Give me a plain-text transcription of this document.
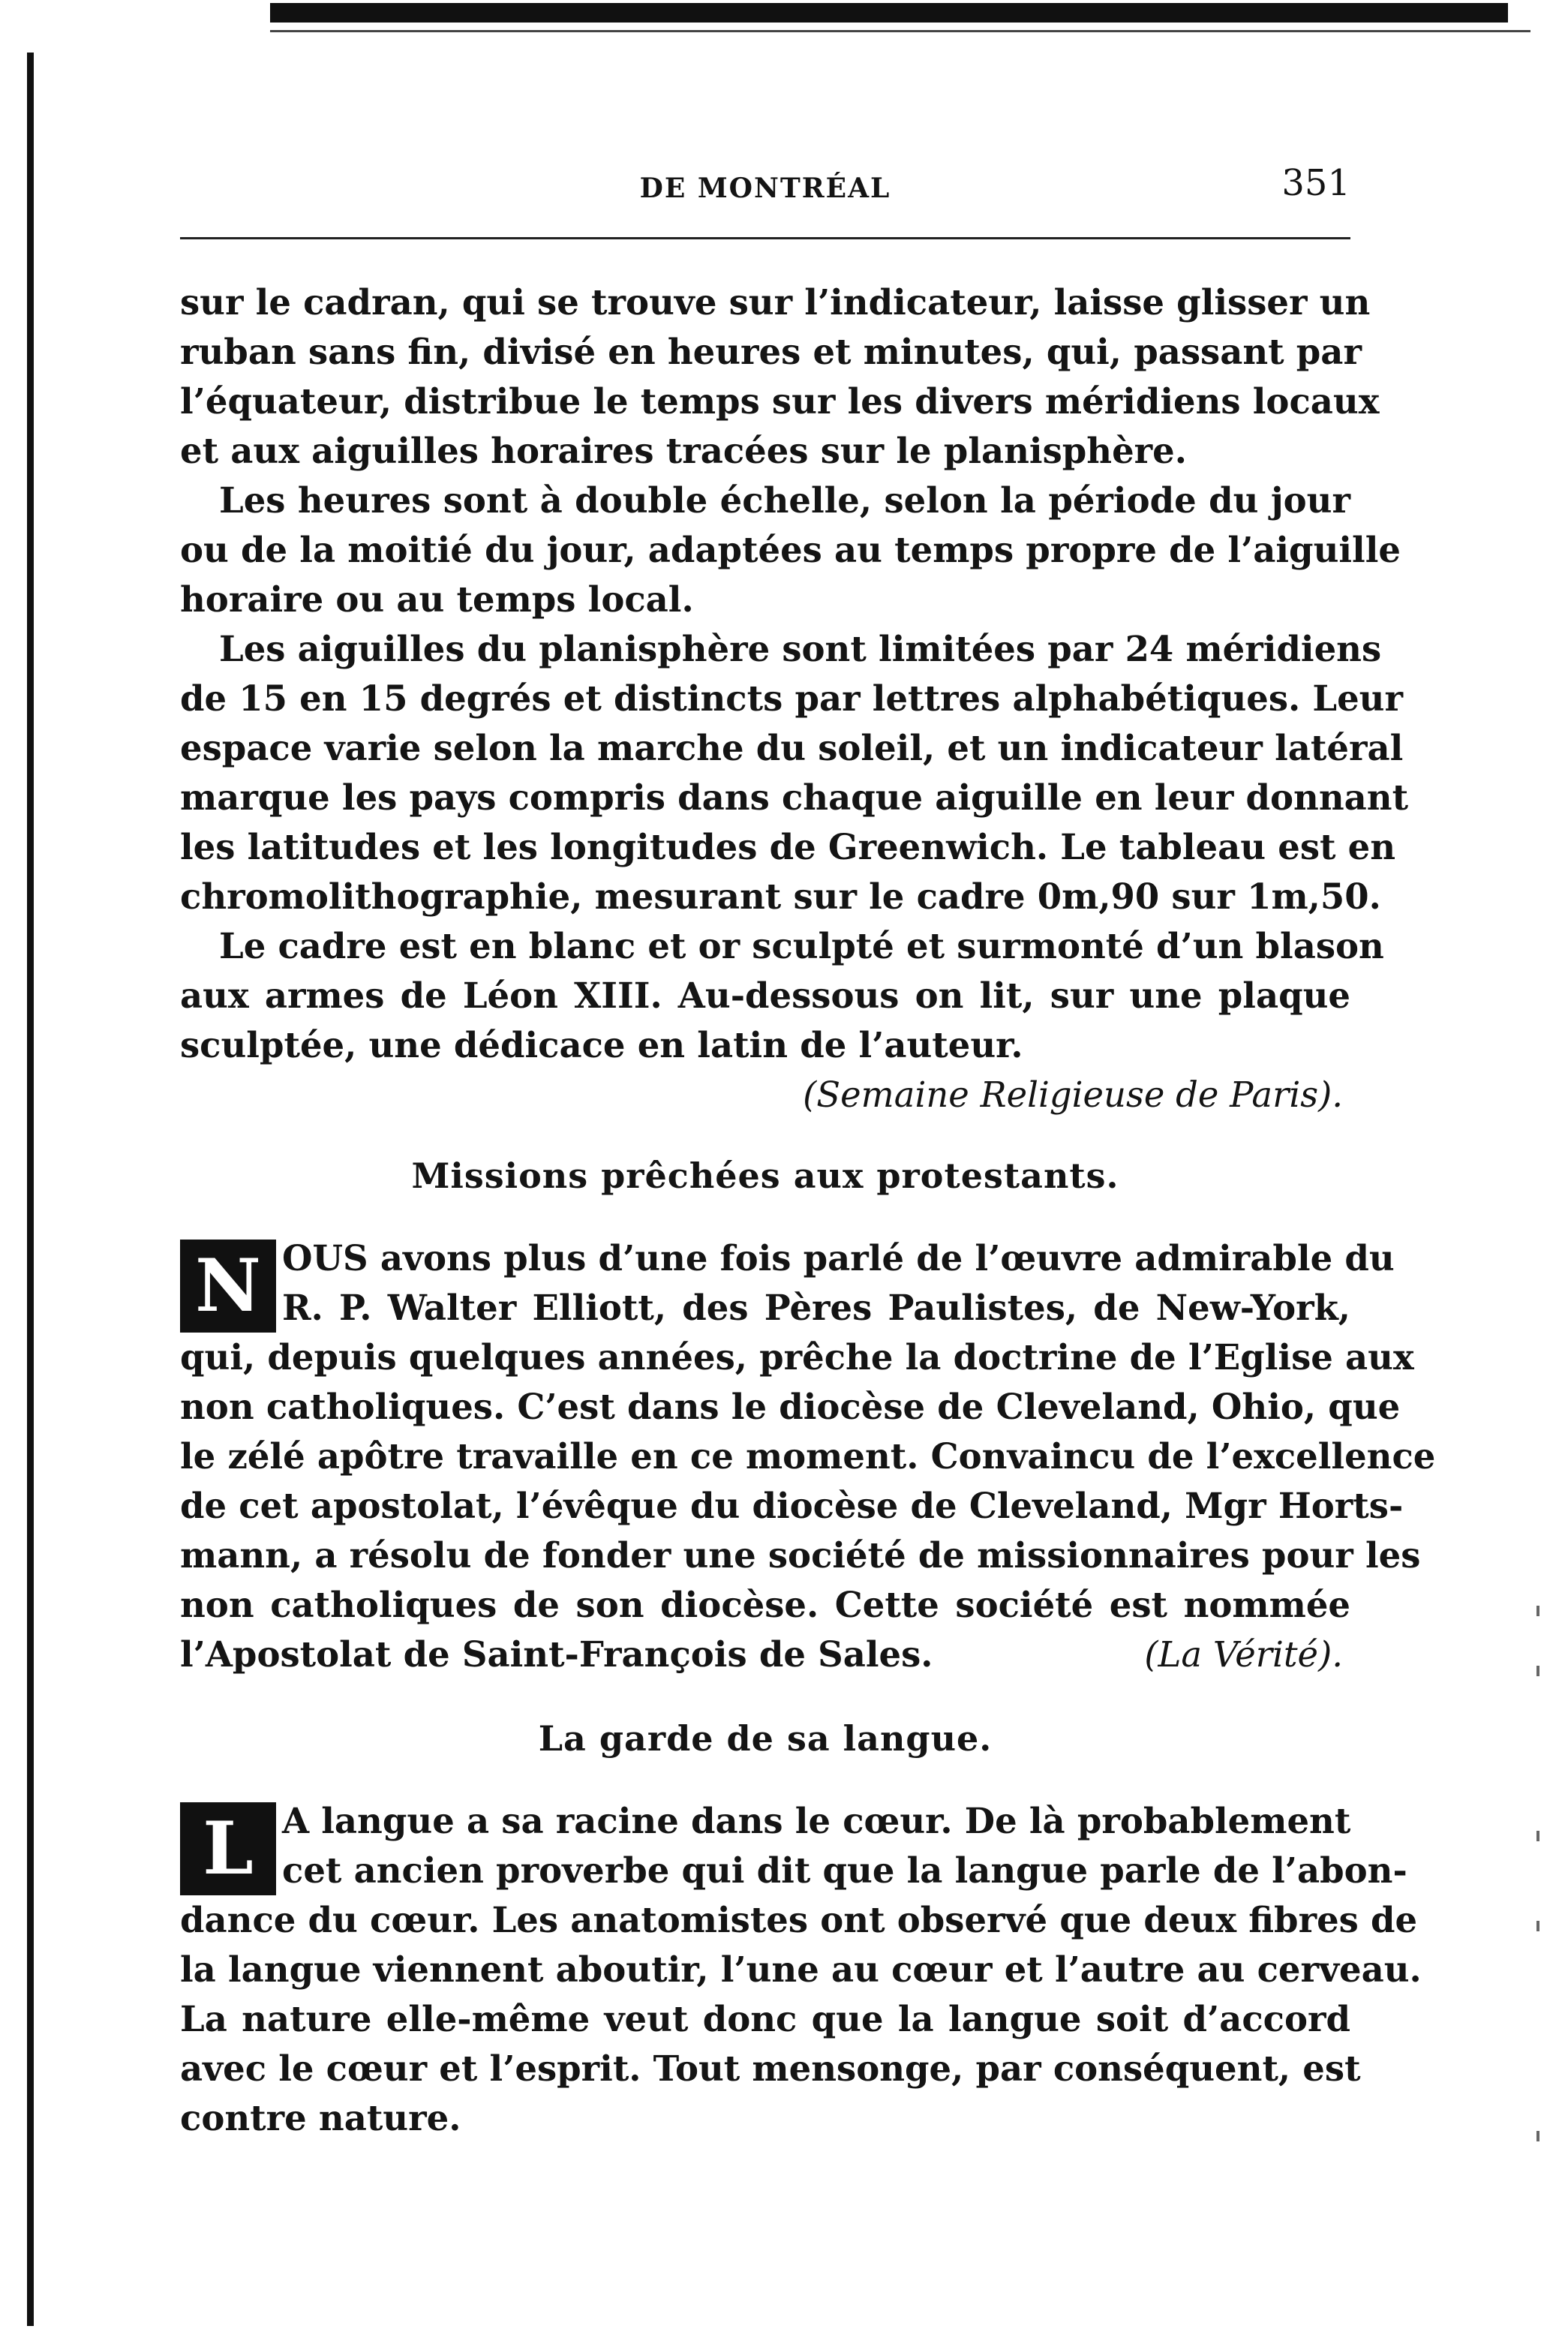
DE MONTRÉAL	351
sur le cadran, qui se trouve sur l’indicateur, laisse glisser un
ruban sans fin, divisé en heures et minutes, qui, passant par
l’équateur, distribue le temps sur les divers méridiens locaux
et aux aiguilles horaires tracées sur le planisphère.
Les heures sont à double échelle, selon la période du jour
ou de la moitié du jour, adaptées au temps propre de l’aiguille
horaire ou au temps local.
Les aiguilles du planisphère sont limitées par 24 méridiens
de 15 en 15 degrés et distincts par lettres alphabétiques. Leur
espace varie selon la marche du soleil, et un indicateur latéral
marque les pays compris dans chaque aiguille en leur donnant
les latitudes et les longitudes de Greenwich. Le tableau est en
chromolithographie, mesurant sur le cadre 0m,90 sur 1m,50.
Le cadre est en blanc et or sculpté et surmonté d’un blason
aux armes de Léon XIII. Au-dessous on lit, sur une plaque
sculptée, une dédicace en latin de l’auteur.
(Semaine Religieuse de Paris).
Missions prêchées aux protestants.
N OUS avons plus d’une fois parlé de l’œuvre admirable du
R. P. Walter Elliott, des Pères Paulistes, de New-York,
qui, depuis quelques années, prêche la doctrine de l’Eglise aux
non catholiques. C’est dans le diocèse de Cleveland, Ohio, que
le zélé apôtre travaille en ce moment. Convaincu de l’excellence
de cet apostolat, l’évêque du diocèse de Cleveland, Mgr Horts-
mann, a résolu de fonder une société de missionnaires pour les
non catholiques de son diocèse. Cette société est nommée
l’Apostolat de Saint-François de Sales.	(La Vérité).
La garde de sa langue.
L A langue a sa racine dans le cœur. De là probablement
cet ancien proverbe qui dit que la langue parle de l’abon-
dance du cœur. Les anatomistes ont observé que deux fibres de
la langue viennent aboutir, l’une au cœur et l’autre au cerveau.
La nature elle-même veut donc que la langue soit d’accord
avec le cœur et l’esprit. Tout mensonge, par conséquent, est
contre nature.
